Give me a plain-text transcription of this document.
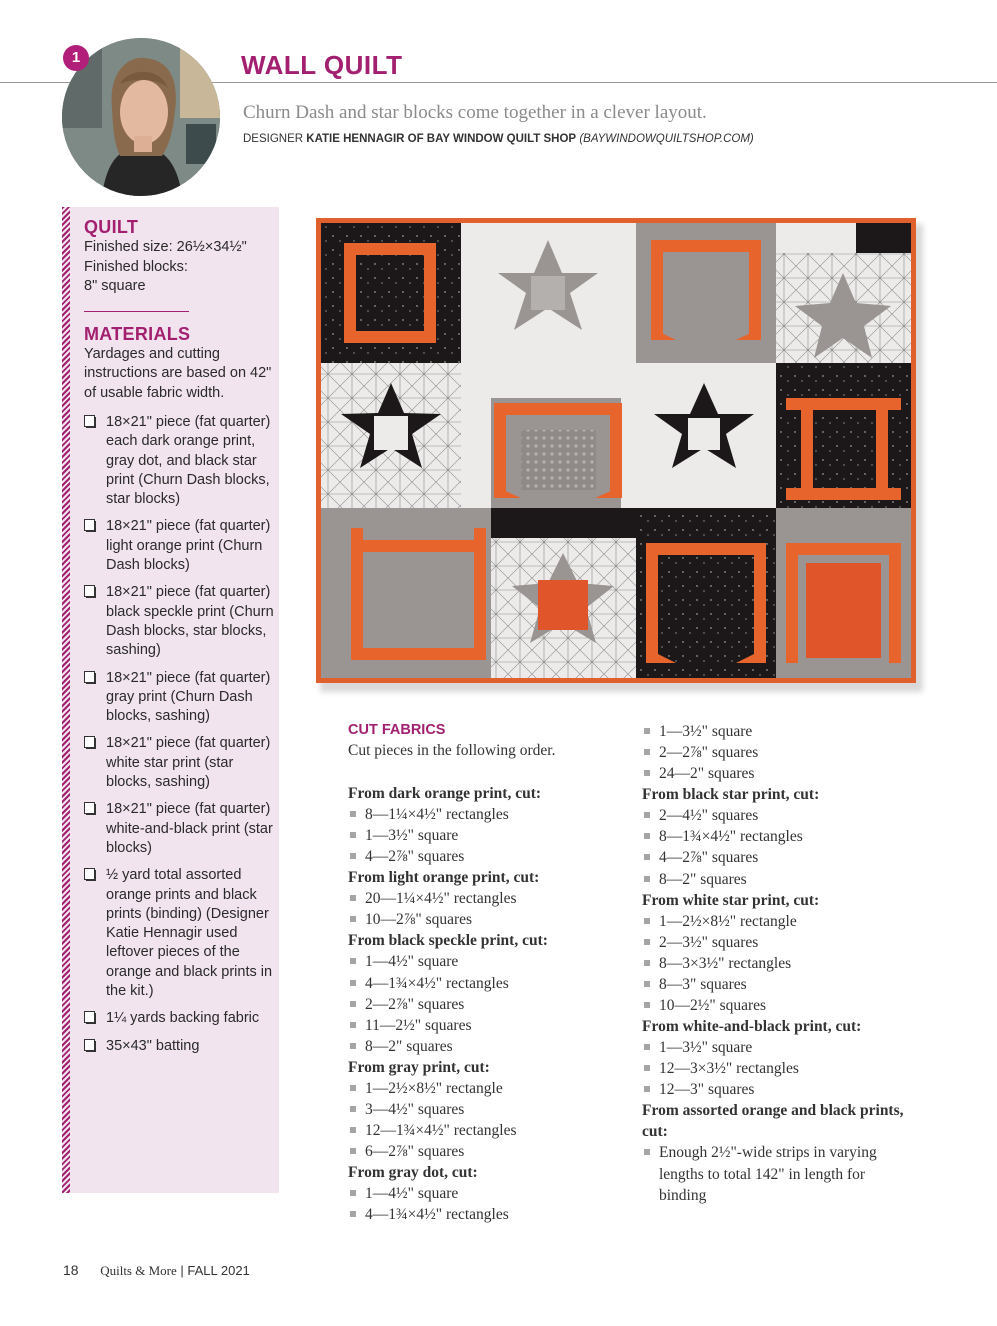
1	WALL QUILT
Churn Dash and star blocks come together in a clever layout.
DESIGNER KATIE HENNAGIR OF BAY WINDOW QUILT SHOP (BAYWINDOWQUILTSHOP.COM)

QUILT

Finished size: 26½×34½"

Finished blocks:

8" square

MATERIALS

Yardages and cutting instructions are based on 42" of usable fabric width.

18×21" piece (fat quarter) each dark orange print, gray dot, and black star print (Churn Dash blocks, star blocks)
18×21" piece (fat quarter) light orange print (Churn Dash blocks)
18×21" piece (fat quarter) black speckle print (Churn Dash blocks, star blocks, sashing)
18×21" piece (fat quarter) gray print (Churn Dash blocks, sashing)
18×21" piece (fat quarter) white star print (star blocks, sashing)
18×21" piece (fat quarter) white-and-black print (star blocks)
½ yard total assorted orange prints and black prints (binding) (Designer Katie Hennagir used leftover pieces of the orange and black prints in the kit.)
1¼ yards backing fabric
35×43" batting

CUT FABRICS

Cut pieces in the following order.

From dark orange print, cut:

8—1¼×4½" rectangles
1—3½" square
4—2⅞" squares

From light orange print, cut:

20—1¼×4½" rectangles
10—2⅞" squares

From black speckle print, cut:

1—4½" square
4—1¾×4½" rectangles
2—2⅞" squares
11—2½" squares
8—2" squares

From gray print, cut:

1—2½×8½" rectangle
3—4½" squares
12—1¾×4½" rectangles
6—2⅞" squares

From gray dot, cut:

1—4½" square
4—1¾×4½" rectangles
1—3½" square
2—2⅞" squares
24—2" squares

From black star print, cut:

2—4½" squares
8—1¾×4½" rectangles
4—2⅞" squares
8—2" squares

From white star print, cut:

1—2½×8½" rectangle
2—3½" squares
8—3×3½" rectangles
8—3" squares
10—2½" squares

From white-and-black print, cut:

1—3½" square
12—3×3½" rectangles
12—3" squares

From assorted orange and black prints, cut:

Enough 2½"-wide strips in varying lengths to total 142" in length for binding
18 Quilts & More | FALL 2021
